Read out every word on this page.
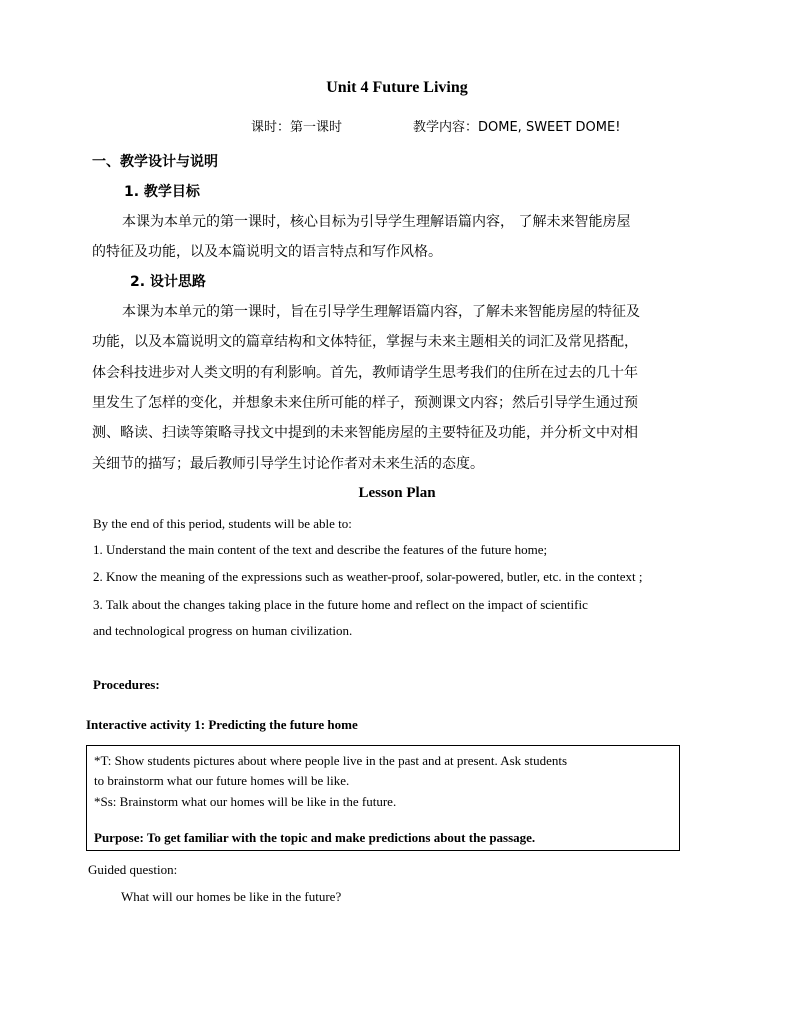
Unit 4 Future Living
课时：第一课时	教学内容：DOME, SWEET DOME!
一、教学设计与说明
1. 教学目标
本课为本单元的第一课时，核心目标为引导学生理解语篇内容， 了解未来智能房屋
的特征及功能，以及本篇说明文的语言特点和写作风格。
2. 设计思路
本课为本单元的第一课时，旨在引导学生理解语篇内容，了解未来智能房屋的特征及
功能，以及本篇说明文的篇章结构和文体特征，掌握与未来主题相关的词汇及常见搭配，
体会科技进步对人类文明的有利影响。首先，教师请学生思考我们的住所在过去的几十年
里发生了怎样的变化，并想象未来住所可能的样子，预测课文内容；然后引导学生通过预
测、略读、扫读等策略寻找文中提到的未来智能房屋的主要特征及功能，并分析文中对相
关细节的描写；最后教师引导学生讨论作者对未来生活的态度。
Lesson Plan
By the end of this period, students will be able to:
1. Understand the main content of the text and describe the features of the future home;
2. Know the meaning of the expressions such as weather-proof, solar-powered, butler, etc. in the context ;
3. Talk about the changes taking place in the future home and reflect on the impact of scientific
and technological progress on human civilization.
Procedures:
Interactive activity 1: Predicting the future home
*T: Show students pictures about where people live in the past and at present. Ask students
to brainstorm what our future homes will be like.
*Ss: Brainstorm what our homes will be like in the future.
Purpose: To get familiar with the topic and make predictions about the passage.
Guided question:
What will our homes be like in the future?
